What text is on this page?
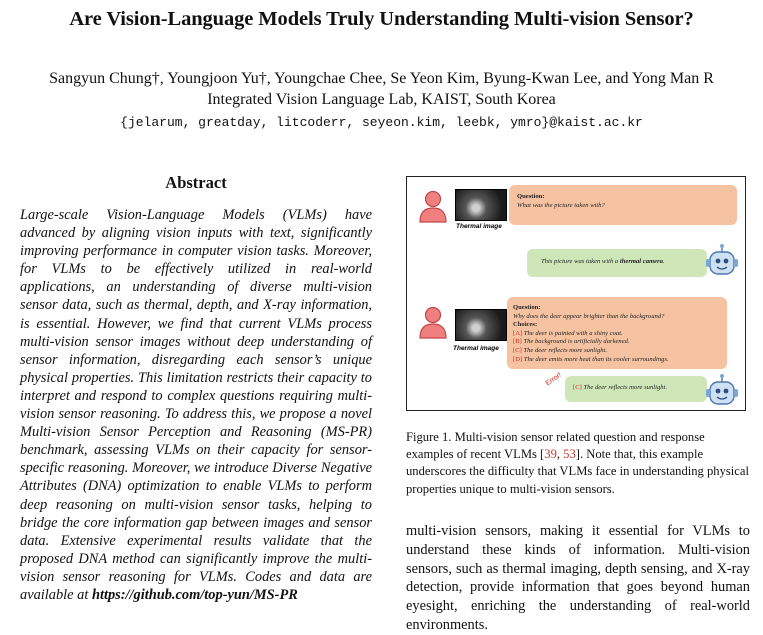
Are Vision-Language Models Truly Understanding Multi-vision Sensor?
Sangyun Chung†, Youngjoon Yu†, Youngchae Chee, Se Yeon Kim, Byung-Kwan Lee, and Yong Man R
Integrated Vision Language Lab, KAIST, South Korea
{jelarum, greatday, litcoderr, seyeon.kim, leebk, ymro}@kaist.ac.kr
Abstract
Large-scale Vision-Language Models (VLMs) have advanced by aligning vision inputs with text, significantly improving performance in computer vision tasks. Moreover, for VLMs to be effectively utilized in real-world applications, an understanding of diverse multi-vision sensor data, such as thermal, depth, and X-ray information, is essential. However, we find that current VLMs process multi-vision sensor images without deep understanding of sensor information, disregarding each sensor’s unique physical properties. This limitation restricts their capacity to interpret and respond to complex questions requiring multi-vision sensor reasoning. To address this, we propose a novel Multi-vision Sensor Perception and Reasoning (MS-PR) benchmark, assessing VLMs on their capacity for sensor-specific reasoning. Moreover, we introduce Diverse Negative Attributes (DNA) optimization to enable VLMs to perform deep reasoning on multi-vision sensor tasks, helping to bridge the core information gap between images and sensor data. Extensive experimental results validate that the proposed DNA method can significantly improve the multi-vision sensor reasoning for VLMs. Codes and data are available at https://github.com/top-yun/MS-PR
Thermal image
Question:
What was the picture taken with?
This picture was taken with a thermal camera.
Thermal image
Question:
Why does the deer appear brighter than the background?
Choices:
[A] The deer is painted with a shiny coat.
[B] The background is artificially darkened.
[C] The deer reflects more sunlight.
[D] The deer emits more heat than its cooler surroundings.
Error!
[C] The deer reflects more sunlight.
Figure 1. Multi-vision sensor related question and response examples of recent VLMs [39, 53]. Note that, this example underscores the difficulty that VLMs face in understanding physical properties unique to multi-vision sensors.
multi-vision sensors, making it essential for VLMs to understand these kinds of information. Multi-vision sensors, such as thermal imaging, depth sensing, and X-ray detection, provide information that goes beyond human eyesight, enriching the understanding of real-world environments.
